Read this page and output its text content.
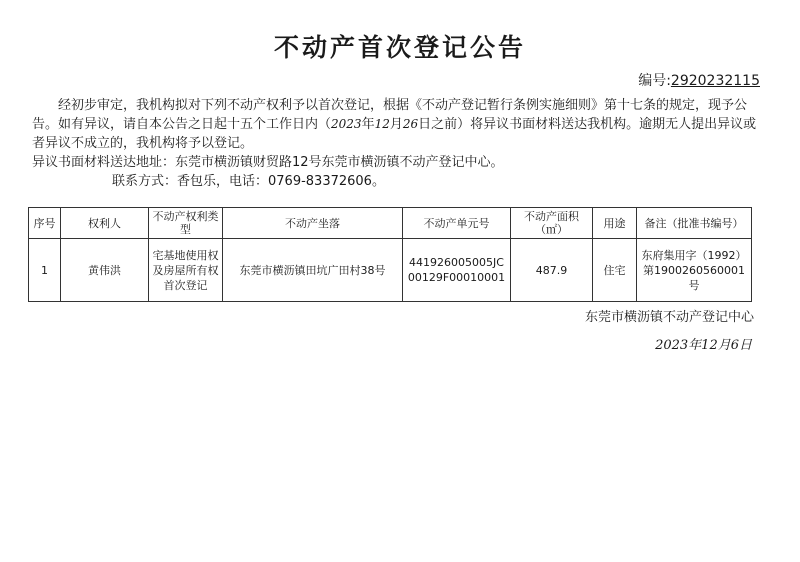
不动产首次登记公告
编号:2920232115

经初步审定，我机构拟对下列不动产权利予以首次登记，根据《不动产登记暂行条例实施细则》第十七条的规定，现予公告。如有异议，请自本公告之日起十五个工作日内（2023年12月26日之前）将异议书面材料送达我机构。逾期无人提出异议或者异议不成立的，我机构将予以登记。

异议书面材料送达地址：东莞市横沥镇财贸路12号东莞市横沥镇不动产登记中心。

联系方式：香包乐，电话：0769-83372606。

序号	权利人	不动产权利类型	不动产坐落	不动产单元号	不动产面积（㎡）	用途	备注（批准书编号）
1	黄伟洪	宅基地使用权及房屋所有权首次登记	东莞市横沥镇田坑广田村38号	441926005005JC00129F00010001	487.9	住宅	东府集用字（1992）第1900260560001号
东莞市横沥镇不动产登记中心
2023年12月6日
